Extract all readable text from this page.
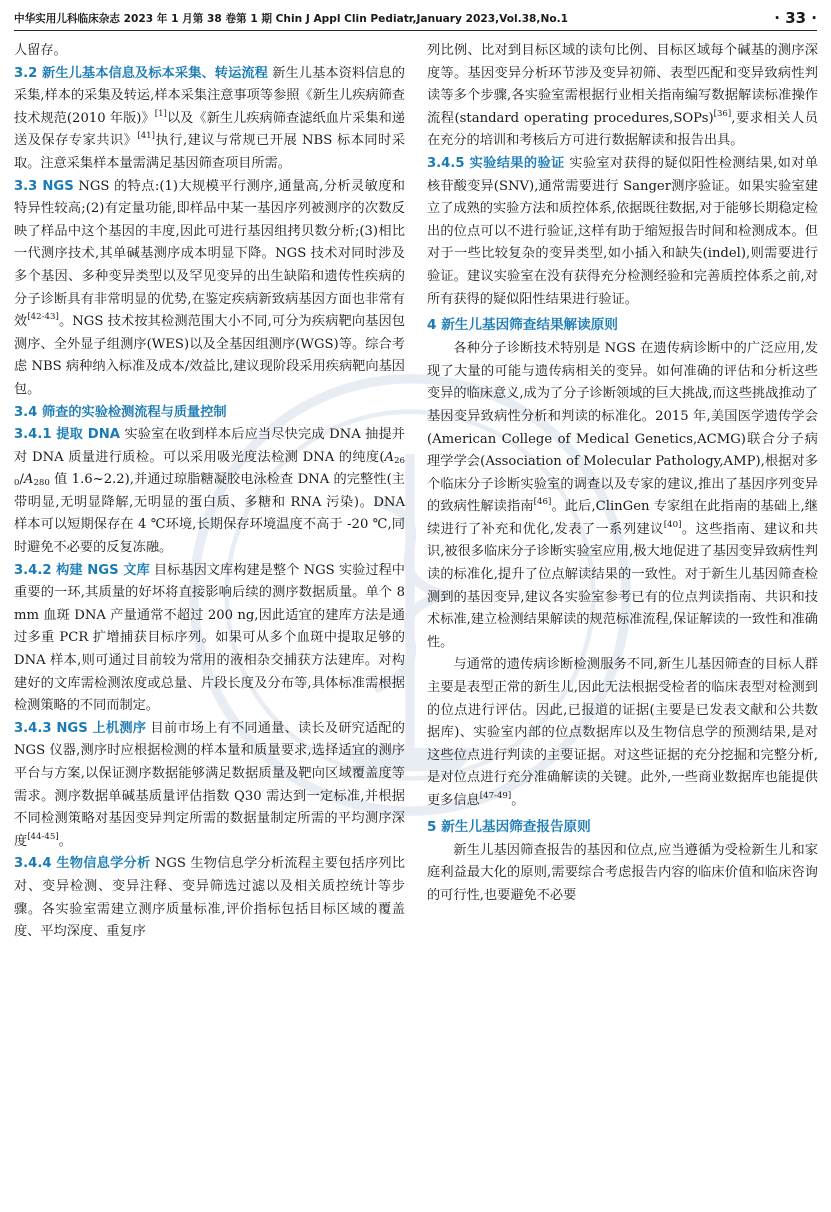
中华实用儿科临床杂志 2023 年 1 月第 38 卷第 1 期 Chin J Appl Clin Pediatr,January 2023,Vol.38,No.1	· 33 ·

人留存。

3.2 新生儿基本信息及标本采集、转运流程 新生儿基本资料信息的采集,样本的采集及转运,样本采集注意事项等参照《新生儿疾病筛查技术规范(2010 年版)》[1]以及《新生儿疾病筛查滤纸血片采集和递送及保存专家共识》[41]执行,建议与常规已开展 NBS 标本同时采取。注意采集样本量需满足基因筛查项目所需。

3.3 NGS NGS 的特点:(1)大规模平行测序,通量高,分析灵敏度和特异性较高;(2)有定量功能,即样品中某一基因序列被测序的次数反映了样品中这个基因的丰度,因此可进行基因组拷贝数分析;(3)相比一代测序技术,其单碱基测序成本明显下降。NGS 技术对同时涉及多个基因、多种变异类型以及罕见变异的出生缺陷和遗传性疾病的分子诊断具有非常明显的优势,在鉴定疾病新致病基因方面也非常有效[42-43]。NGS 技术按其检测范围大小不同,可分为疾病靶向基因包测序、全外显子组测序(WES)以及全基因组测序(WGS)等。综合考虑 NBS 病种纳入标准及成本/效益比,建议现阶段采用疾病靶向基因包。

3.4 筛查的实验检测流程与质量控制

3.4.1 提取 DNA 实验室在收到样本后应当尽快完成 DNA 抽提并对 DNA 质量进行质检。可以采用吸光度法检测 DNA 的纯度($A_{260}/A_{280}$ 值 1.6~2.2),并通过琼脂糖凝胶电泳检查 DNA 的完整性(主带明显,无明显降解,无明显的蛋白质、多糖和 RNA 污染)。DNA 样本可以短期保存在 4 ℃环境,长期保存环境温度不高于 -20 ℃,同时避免不必要的反复冻融。

3.4.2 构建 NGS 文库 目标基因文库构建是整个 NGS 实验过程中重要的一环,其质量的好坏将直接影响后续的测序数据质量。单个 8 mm 血斑 DNA 产量通常不超过 200 ng,因此适宜的建库方法是通过多重 PCR 扩增捕获目标序列。如果可从多个血斑中提取足够的 DNA 样本,则可通过目前较为常用的液相杂交捕获方法建库。对构建好的文库需检测浓度或总量、片段长度及分布等,具体标准需根据检测策略的不同而制定。

3.4.3 NGS 上机测序 目前市场上有不同通量、读长及研究适配的 NGS 仪器,测序时应根据检测的样本量和质量要求,选择适宜的测序平台与方案,以保证测序数据能够满足数据质量及靶向区域覆盖度等需求。测序数据单碱基质量评估指数 Q30 需达到一定标准,并根据不同检测策略对基因变异判定所需的数据量制定所需的平均测序深度[44-45]。

3.4.4 生物信息学分析 NGS 生物信息学分析流程主要包括序列比对、变异检测、变异注释、变异筛选过滤以及相关质控统计等步骤。各实验室需建立测序质量标准,评价指标包括目标区域的覆盖度、平均深度、重复序

列比例、比对到目标区域的读句比例、目标区域每个碱基的测序深度等。基因变异分析环节涉及变异初筛、表型匹配和变异致病性判读等多个步骤,各实验室需根据行业相关指南编写数据解读标准操作流程(standard operating procedures,SOPs)[36],要求相关人员在充分的培训和考核后方可进行数据解读和报告出具。

3.4.5 实验结果的验证 实验室对获得的疑似阳性检测结果,如对单核苷酸变异(SNV),通常需要进行 Sanger测序验证。如果实验室建立了成熟的实验方法和质控体系,依据既往数据,对于能够长期稳定检出的位点可以不进行验证,这样有助于缩短报告时间和检测成本。但对于一些比较复杂的变异类型,如小插入和缺失(indel),则需要进行验证。建议实验室在没有获得充分检测经验和完善质控体系之前,对所有获得的疑似阳性结果进行验证。

4 新生儿基因筛查结果解读原则

各种分子诊断技术特别是 NGS 在遗传病诊断中的广泛应用,发现了大量的可能与遗传病相关的变异。如何准确的评估和分析这些变异的临床意义,成为了分子诊断领域的巨大挑战,而这些挑战推动了基因变异致病性分析和判读的标准化。2015 年,美国医学遗传学会(American College of Medical Genetics,ACMG)联合分子病理学学会(Association of Molecular Pathology,AMP),根据对多个临床分子诊断实验室的调查以及专家的建议,推出了基因序列变异的致病性解读指南[46]。此后,ClinGen 专家组在此指南的基础上,继续进行了补充和优化,发表了一系列建议[40]。这些指南、建议和共识,被很多临床分子诊断实验室应用,极大地促进了基因变异致病性判读的标准化,提升了位点解读结果的一致性。对于新生儿基因筛查检测到的基因变异,建议各实验室参考已有的位点判读指南、共识和技术标准,建立检测结果解读的规范标准流程,保证解读的一致性和准确性。

与通常的遗传病诊断检测服务不同,新生儿基因筛查的目标人群主要是表型正常的新生儿,因此无法根据受检者的临床表型对检测到的位点进行评估。因此,已报道的证据(主要是已发表文献和公共数据库)、实验室内部的位点数据库以及生物信息学的预测结果,是对这些位点进行判读的主要证据。对这些证据的充分挖掘和完整分析,是对位点进行充分准确解读的关键。此外,一些商业数据库也能提供更多信息[47-49]。

5 新生儿基因筛查报告原则

新生儿基因筛查报告的基因和位点,应当遵循为受检新生儿和家庭利益最大化的原则,需要综合考虑报告内容的临床价值和临床咨询的可行性,也要避免不必要
